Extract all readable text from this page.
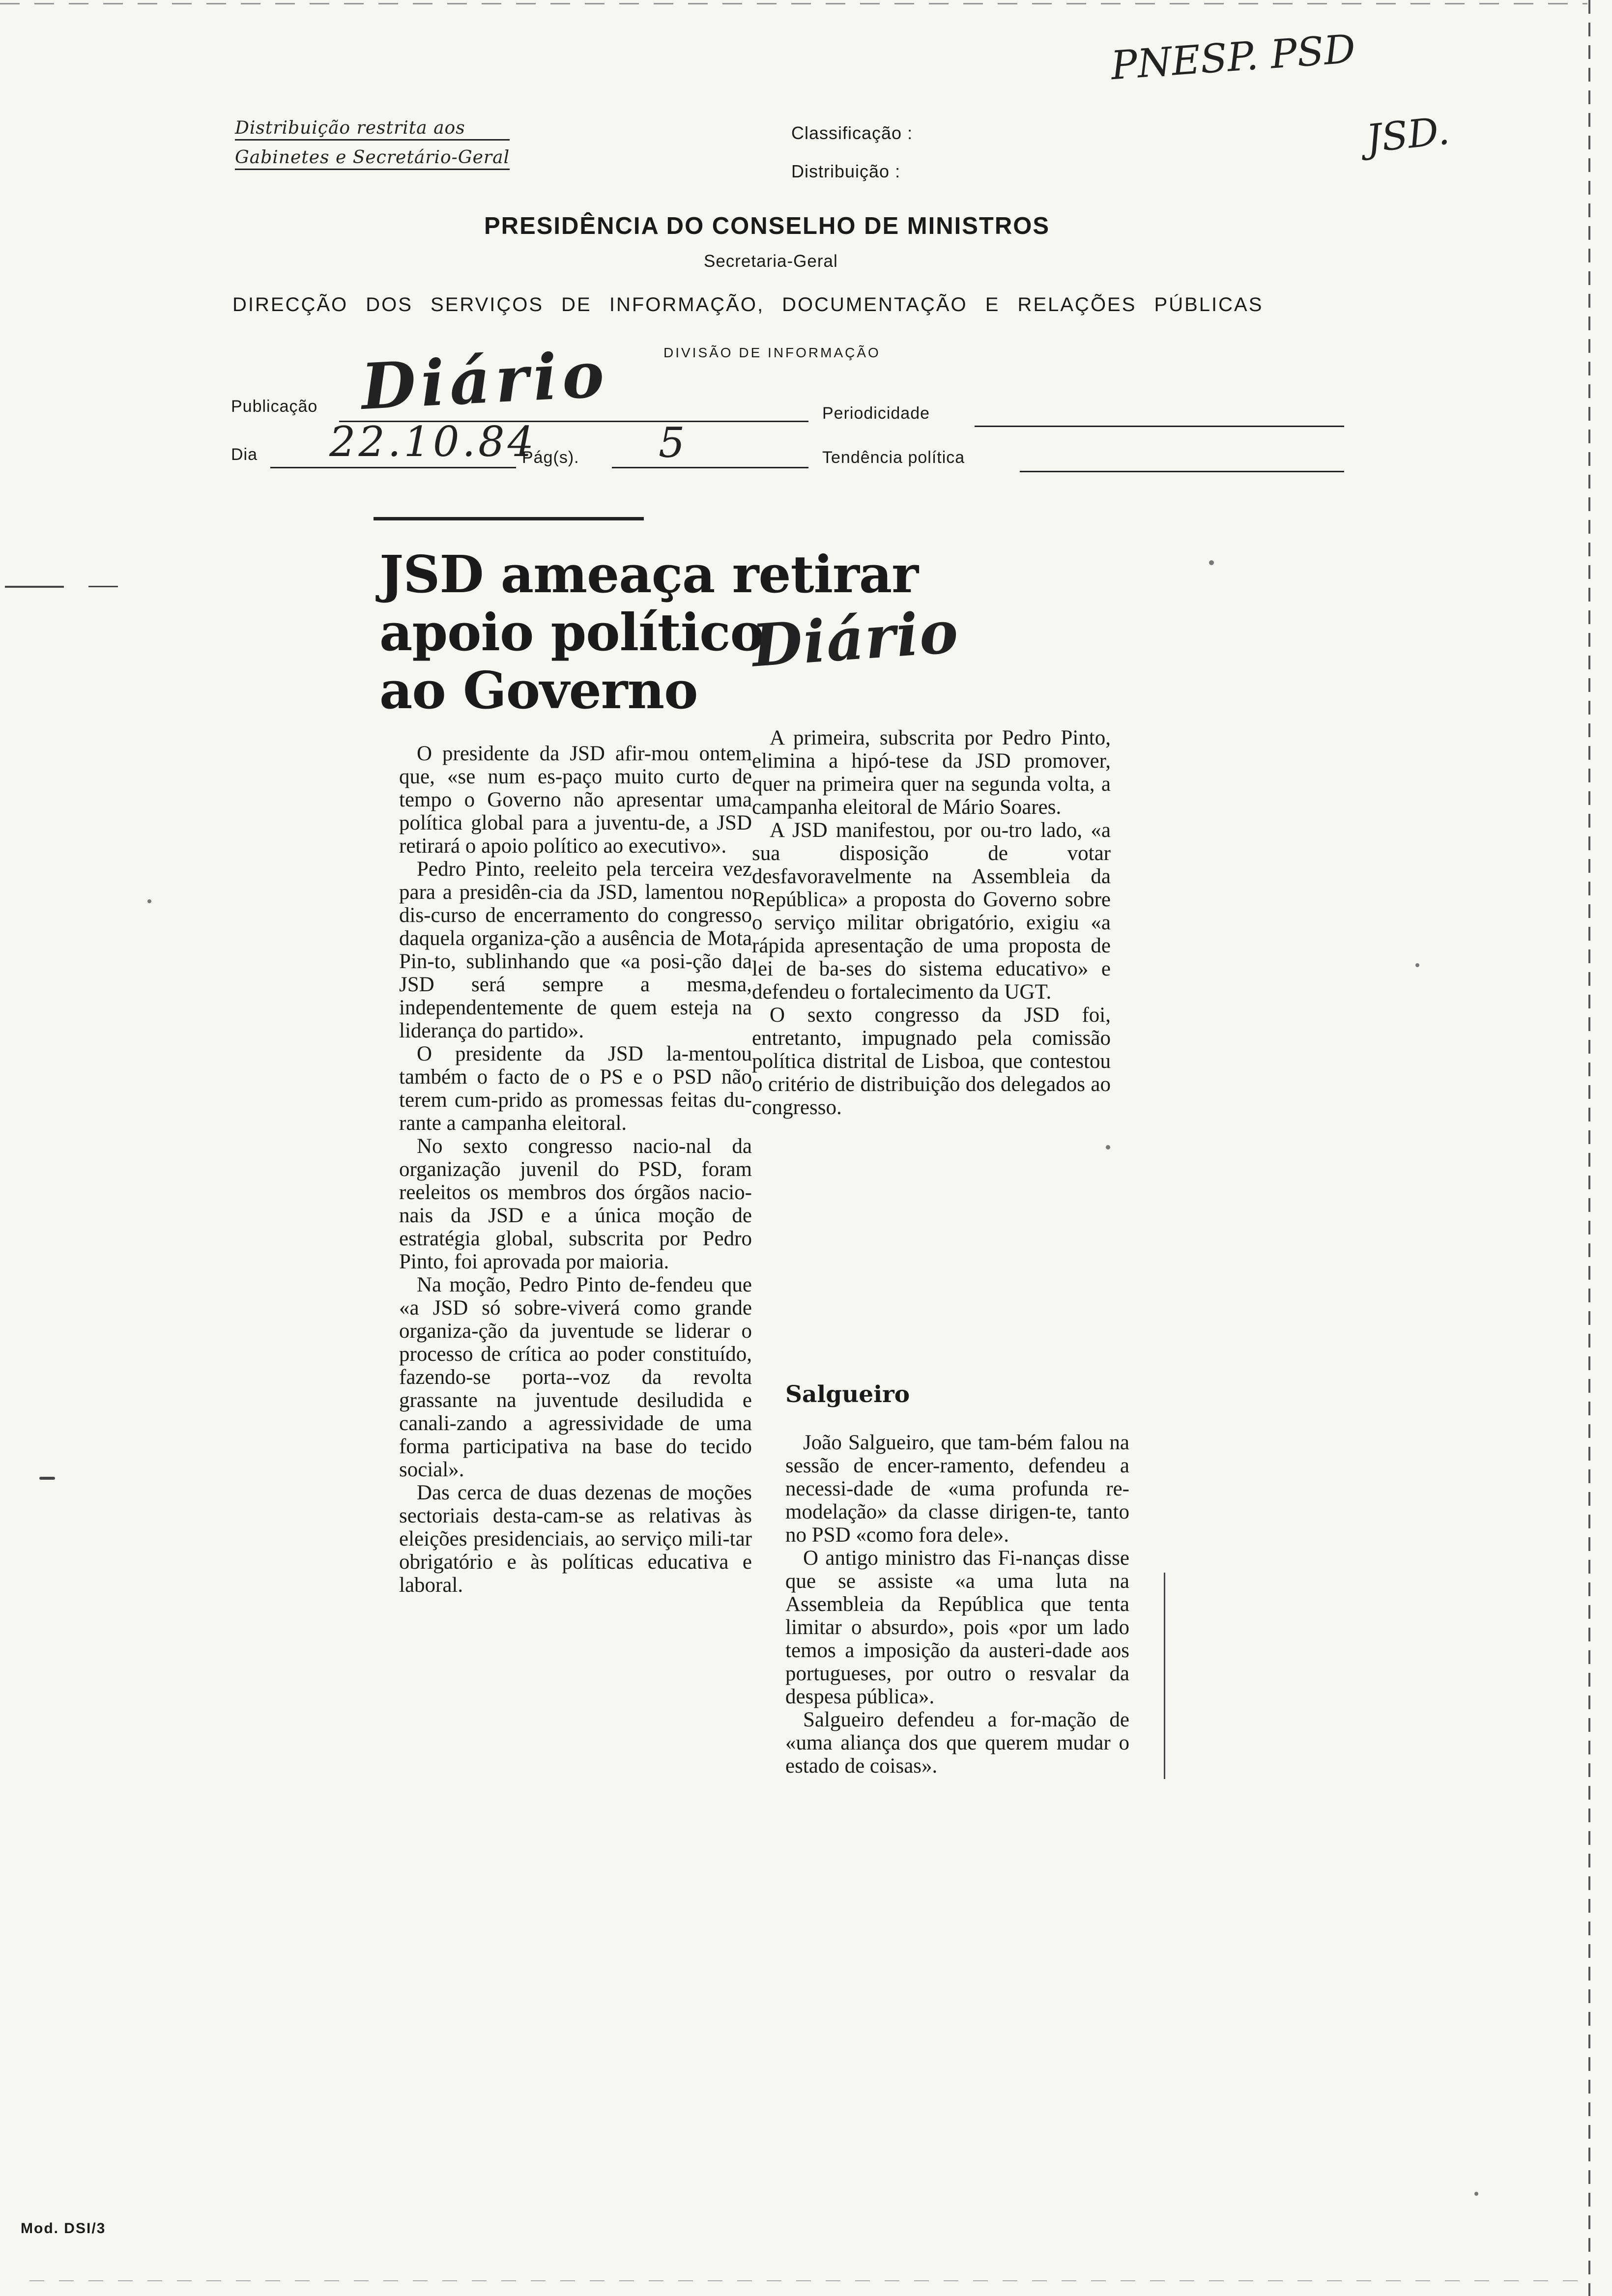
Distribuição restrita aos
Gabinetes e Secretário-Geral
Classificação :
Distribuição :
PNESP. PSD
JSD.
PRESIDÊNCIA DO CONSELHO DE MINISTROS
Secretaria-Geral
DIRECÇÃO DOS SERVIÇOS DE INFORMAÇÃO, DOCUMENTAÇÃO E RELAÇÕES PÚBLICAS
DIVISÃO DE INFORMAÇÃO
Publicação Diário	Periodicidade
Dia 22.10.84
Pág(s). 5	Tendência política
JSD ameaça retirar
apoio político
ao Governo
Diário

O presidente da JSD afir-mou ontem que, «se num es-paço muito curto de tempo o Governo não apresentar uma política global para a juventu-de, a JSD retirará o apoio político ao executivo».

Pedro Pinto, reeleito pela terceira vez para a presidên-cia da JSD, lamentou no dis-curso de encerramento do congresso daquela organiza-ção a ausência de Mota Pin-to, sublinhando que «a posi-ção da JSD será sempre a mesma, independentemente de quem esteja na liderança do partido».

O presidente da JSD la-mentou também o facto de o PS e o PSD não terem cum-prido as promessas feitas du-rante a campanha eleitoral.

No sexto congresso nacio-nal da organização juvenil do PSD, foram reeleitos os membros dos órgãos nacio-nais da JSD e a única moção de estratégia global, subscrita por Pedro Pinto, foi aprovada por maioria.

Na moção, Pedro Pinto de-fendeu que «a JSD só sobre-viverá como grande organiza-ção da juventude se liderar o processo de crítica ao poder constituído, fazendo-se porta--voz da revolta grassante na juventude desiludida e canali-zando a agressividade de uma forma participativa na base do tecido social».

Das cerca de duas dezenas de moções sectoriais desta-cam-se as relativas às eleições presidenciais, ao serviço mili-tar obrigatório e às políticas educativa e laboral.

A primeira, subscrita por Pedro Pinto, elimina a hipó-tese da JSD promover, quer na primeira quer na segunda volta, a campanha eleitoral de Mário Soares.

A JSD manifestou, por ou-tro lado, «a sua disposição de votar desfavoravelmente na Assembleia da República» a proposta do Governo sobre o serviço militar obrigatório, exigiu «a rápida apresentação de uma proposta de lei de ba-ses do sistema educativo» e defendeu o fortalecimento da UGT.

O sexto congresso da JSD foi, entretanto, impugnado pela comissão política distrital de Lisboa, que contestou o critério de distribuição dos delegados ao congresso.

Salgueiro

João Salgueiro, que tam-bém falou na sessão de encer-ramento, defendeu a necessi-dade de «uma profunda re-modelação» da classe dirigen-te, tanto no PSD «como fora dele».

O antigo ministro das Fi-nanças disse que se assiste «a uma luta na Assembleia da República que tenta limitar o absurdo», pois «por um lado temos a imposição da austeri-dade aos portugueses, por outro o resvalar da despesa pública».

Salgueiro defendeu a for-mação de «uma aliança dos que querem mudar o estado de coisas».

Mod. DSI/3
